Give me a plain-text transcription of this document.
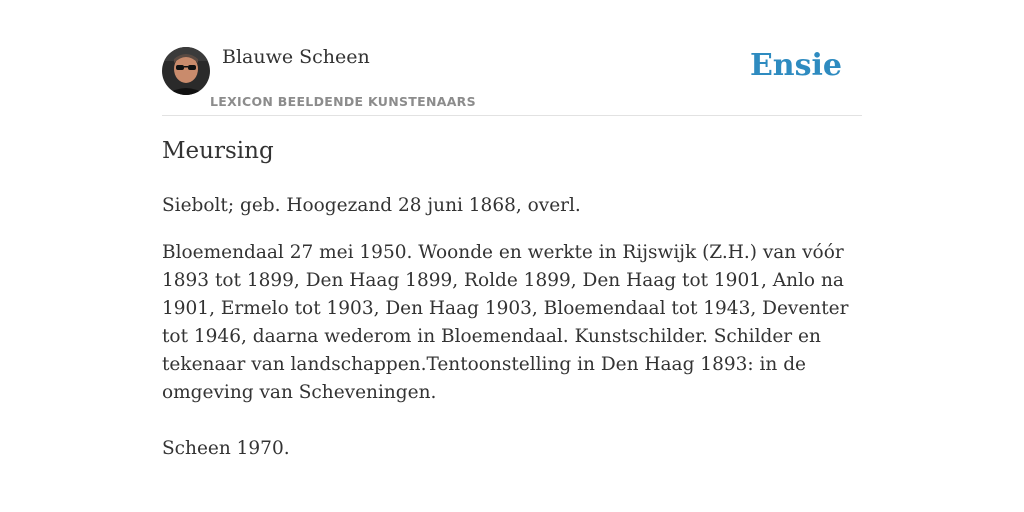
Blauwe Scheen
LEXICON BEELDENDE KUNSTENAARS
Ensie
Meursing

Siebolt; geb. Hoogezand 28 juni 1868, overl.

Bloemendaal 27 mei 1950. Woonde en werkte in Rijswijk (Z.H.) van vóór 1893 tot 1899, Den Haag 1899, Rolde 1899, Den Haag tot 1901, Anlo na 1901, Ermelo tot 1903, Den Haag 1903, Bloemendaal tot 1943, Deventer tot 1946, daarna wederom in Bloemendaal. Kunstschilder. Schilder en tekenaar van landschappen.Tentoonstelling in Den Haag 1893: in de omgeving van Scheveningen.

Scheen 1970.
